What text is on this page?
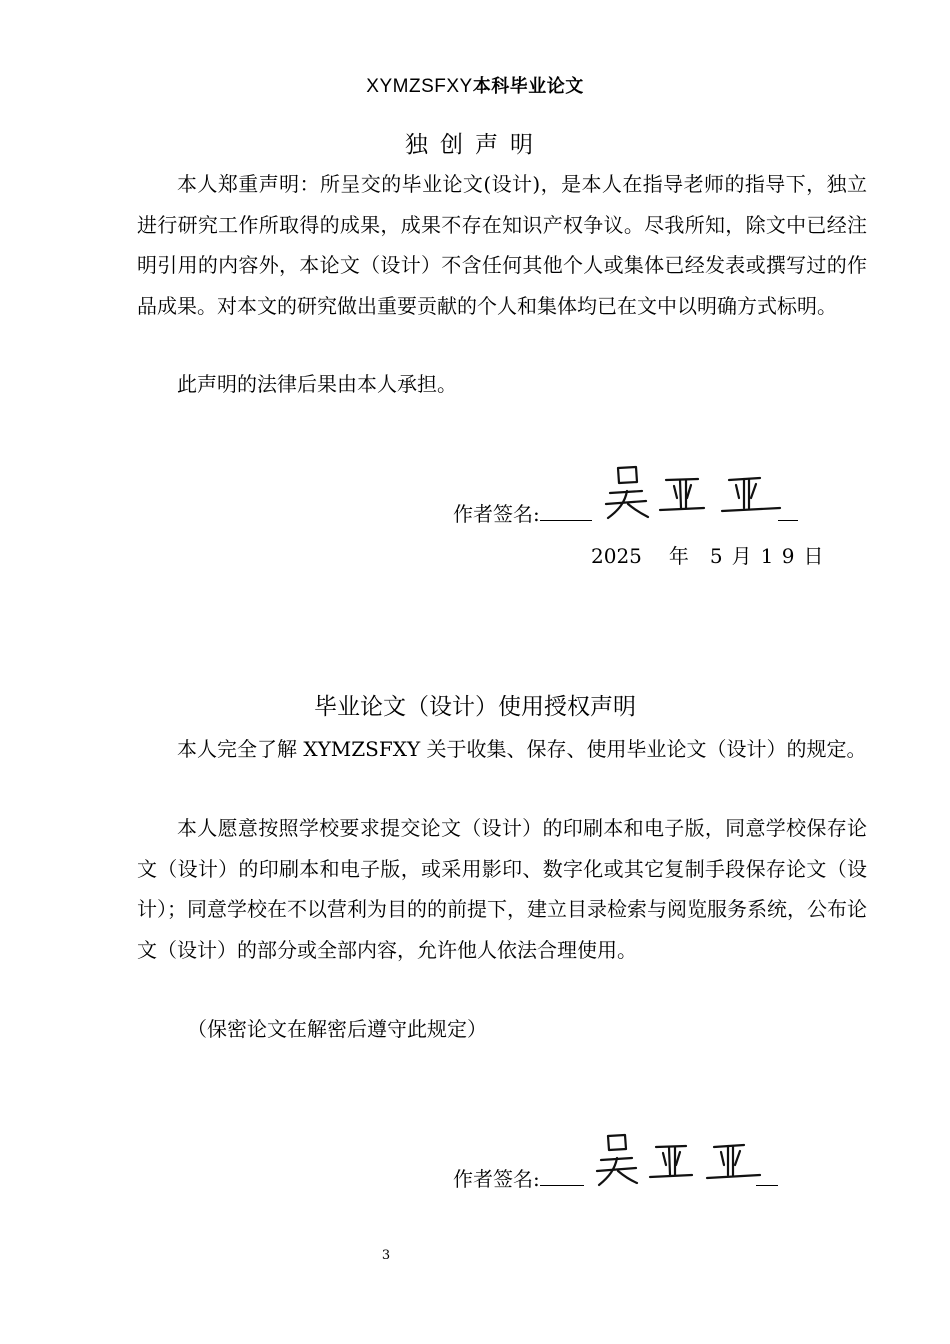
XYMZSFXY本科毕业论文
独创声明
本人郑重声明：所呈交的毕业论文(设计)，是本人在指导老师的指导下，独立进行研究工作所取得的成果，成果不存在知识产权争议。尽我所知，除文中已经注明引用的内容外，本论文（设计）不含任何其他个人或集体已经发表或撰写过的作品成果。对本文的研究做出重要贡献的个人和集体均已在文中以明确方式标明。
此声明的法律后果由本人承担。
作者签名:
2025 年 5 月 1 9 日
毕业论文（设计）使用授权声明
本人完全了解 XYMZSFXY 关于收集、保存、使用毕业论文（设计）的规定。
本人愿意按照学校要求提交论文（设计）的印刷本和电子版，同意学校保存论文（设计）的印刷本和电子版，或采用影印、数字化或其它复制手段保存论文（设计）；同意学校在不以营利为目的的前提下，建立目录检索与阅览服务系统，公布论文（设计）的部分或全部内容，允许他人依法合理使用。
（保密论文在解密后遵守此规定）
作者签名:
3
